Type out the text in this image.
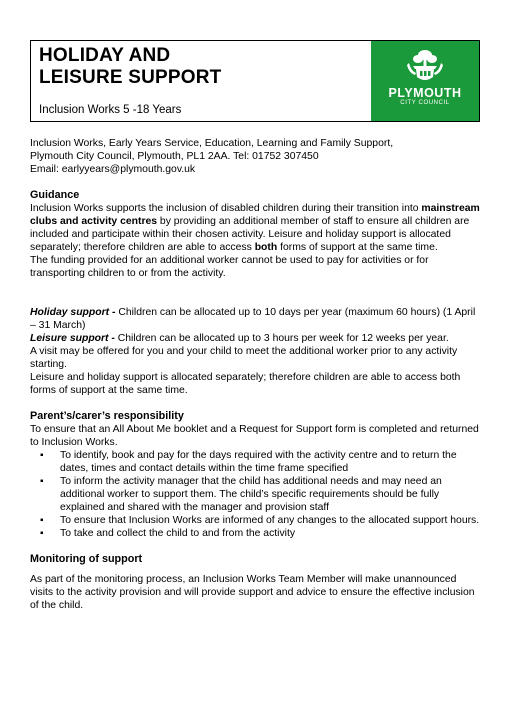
HOLIDAY AND
LEISURE SUPPORT
Inclusion Works 5 -18 Years
PLYMOUTH
CITY COUNCIL

Inclusion Works, Early Years Service, Education, Learning and Family Support,

Plymouth City Council, Plymouth, PL1 2AA. Tel: 01752 307450

Email: earlyyears@plymouth.gov.uk

Guidance

Inclusion Works supports the inclusion of disabled children during their transition into mainstream clubs and activity centres by providing an additional member of staff to ensure all children are included and participate within their chosen activity. Leisure and holiday support is allocated separately; therefore children are able to access both forms of support at the same time.

The funding provided for an additional worker cannot be used to pay for activities or for transporting children to or from the activity.

Holiday support - Children can be allocated up to 10 days per year (maximum 60 hours) (1 April – 31 March)

Leisure support - Children can be allocated up to 3 hours per week for 12 weeks per year.

A visit may be offered for you and your child to meet the additional worker prior to any activity starting.

Leisure and holiday support is allocated separately; therefore children are able to access both forms of support at the same time.

Parent’s/carer’s responsibility

To ensure that an All About Me booklet and a Request for Support form is completed and returned to Inclusion Works.

▪ To identify, book and pay for the days required with the activity centre and to return the dates, times and contact details within the time frame specified
▪ To inform the activity manager that the child has additional needs and may need an additional worker to support them. The child’s specific requirements should be fully explained and shared with the manager and provision staff
▪ To ensure that Inclusion Works are informed of any changes to the allocated support hours.
▪ To take and collect the child to and from the activity
Monitoring of support

As part of the monitoring process, an Inclusion Works Team Member will make unannounced visits to the activity provision and will provide support and advice to ensure the effective inclusion of the child.
